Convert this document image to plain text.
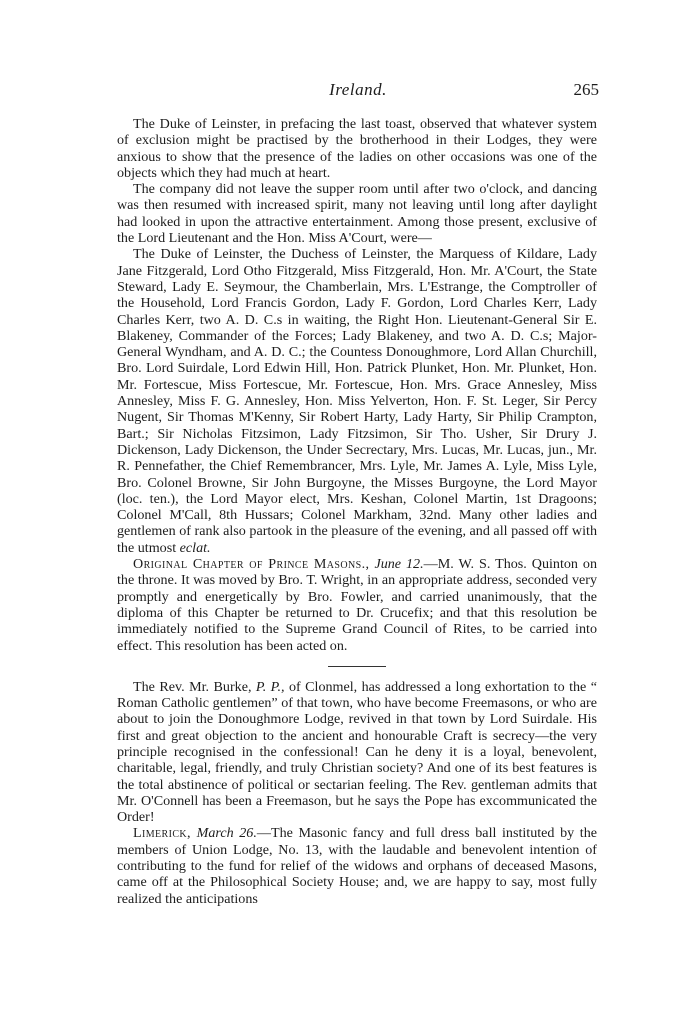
Ireland.	265

The Duke of Leinster, in prefacing the last toast, observed that whatever system of exclusion might be practised by the brotherhood in their Lodges, they were anxious to show that the presence of the ladies on other occasions was one of the objects which they had much at heart.

The company did not leave the supper room until after two o'clock, and dancing was then resumed with increased spirit, many not leaving until long after daylight had looked in upon the attractive entertainment. Among those present, exclusive of the Lord Lieutenant and the Hon. Miss A'Court, were—

The Duke of Leinster, the Duchess of Leinster, the Marquess of Kildare, Lady Jane Fitzgerald, Lord Otho Fitzgerald, Miss Fitzgerald, Hon. Mr. A'Court, the State Steward, Lady E. Seymour, the Chamberlain, Mrs. L'Estrange, the Comptroller of the Household, Lord Francis Gordon, Lady F. Gordon, Lord Charles Kerr, Lady Charles Kerr, two A. D. C.s in waiting, the Right Hon. Lieutenant-General Sir E. Blakeney, Commander of the Forces; Lady Blakeney, and two A. D. C.s; Major-General Wyndham, and A. D. C.; the Countess Donoughmore, Lord Allan Churchill, Bro. Lord Suirdale, Lord Edwin Hill, Hon. Patrick Plunket, Hon. Mr. Plunket, Hon. Mr. Fortescue, Miss Fortescue, Mr. Fortescue, Hon. Mrs. Grace Annesley, Miss Annesley, Miss F. G. Annesley, Hon. Miss Yelverton, Hon. F. St. Leger, Sir Percy Nugent, Sir Thomas M'Kenny, Sir Robert Harty, Lady Harty, Sir Philip Crampton, Bart.; Sir Nicholas Fitzsimon, Lady Fitzsimon, Sir Tho. Usher, Sir Drury J. Dickenson, Lady Dickenson, the Under Secrectary, Mrs. Lucas, Mr. Lucas, jun., Mr. R. Pennefather, the Chief Remembrancer, Mrs. Lyle, Mr. James A. Lyle, Miss Lyle, Bro. Colonel Browne, Sir John Burgoyne, the Misses Burgoyne, the Lord Mayor (loc. ten.), the Lord Mayor elect, Mrs. Keshan, Colonel Martin, 1st Dragoons; Colonel M'Call, 8th Hussars; Colonel Markham, 32nd. Many other ladies and gentlemen of rank also partook in the pleasure of the evening, and all passed off with the utmost eclat.

Original Chapter of Prince Masons., June 12.—M. W. S. Thos. Quinton on the throne. It was moved by Bro. T. Wright, in an appropriate address, seconded very promptly and energetically by Bro. Fowler, and carried unanimously, that the diploma of this Chapter be returned to Dr. Crucefix; and that this resolution be immediately notified to the Supreme Grand Council of Rites, to be carried into effect. This resolution has been acted on.

The Rev. Mr. Burke, P. P., of Clonmel, has addressed a long exhortation to the “ Roman Catholic gentlemen” of that town, who have become Freemasons, or who are about to join the Donoughmore Lodge, revived in that town by Lord Suirdale. His first and great objection to the ancient and honourable Craft is secrecy—the very principle recognised in the confessional! Can he deny it is a loyal, benevolent, charitable, legal, friendly, and truly Christian society? And one of its best features is the total abstinence of political or sectarian feeling. The Rev. gentleman admits that Mr. O'Connell has been a Freemason, but he says the Pope has excommunicated the Order!

Limerick, March 26.—The Masonic fancy and full dress ball instituted by the members of Union Lodge, No. 13, with the laudable and benevolent intention of contributing to the fund for relief of the widows and orphans of deceased Masons, came off at the Philosophical Society House; and, we are happy to say, most fully realized the anticipations
